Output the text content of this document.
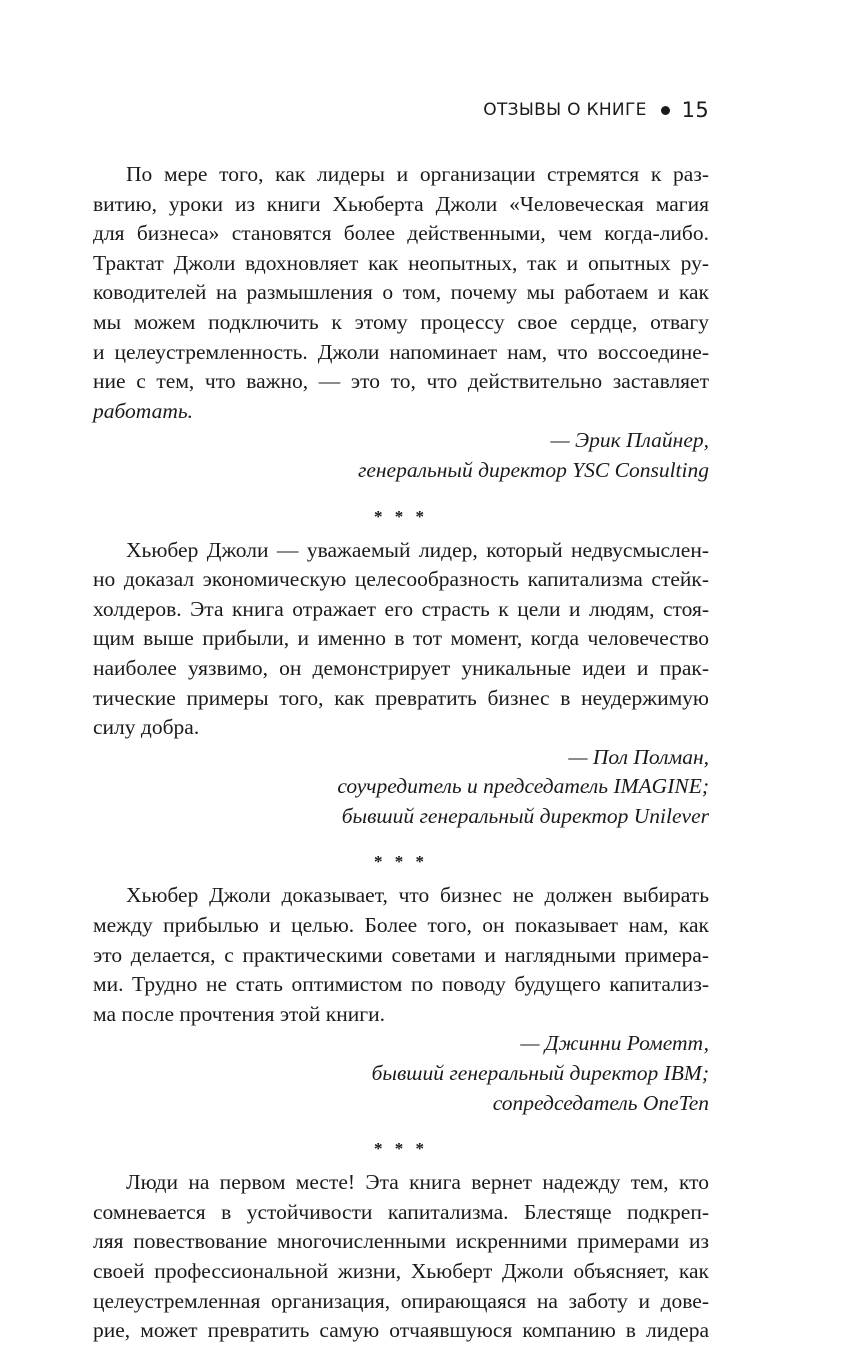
ОТЗЫВЫ О КНИГЕ 15
По мере того, как лидеры и организации стремятся к раз-
витию, уроки из книги Хьюберта Джоли «Человеческая магия
для бизнеса» становятся более действенными, чем когда-либо.
Трактат Джоли вдохновляет как неопытных, так и опытных ру-
ководителей на размышления о том, почему мы работаем и как
мы можем подключить к этому процессу свое сердце, отвагу
и целеустремленность. Джоли напоминает нам, что воссоедине-
ние с тем, что важно, — это то, что действительно заставляет
работать.
— Эрик Плайнер,
генеральный директор YSC Consulting
* * *
Хьюбер Джоли — уважаемый лидер, который недвусмыслен-
но доказал экономическую целесообразность капитализма стейк-
холдеров. Эта книга отражает его страсть к цели и людям, стоя-
щим выше прибыли, и именно в тот момент, когда человечество
наиболее уязвимо, он демонстрирует уникальные идеи и прак-
тические примеры того, как превратить бизнес в неудержимую
силу добра.
— Пол Полман,
соучредитель и председатель IMAGINE;
бывший генеральный директор Unilever
* * *
Хьюбер Джоли доказывает, что бизнес не должен выбирать
между прибылью и целью. Более того, он показывает нам, как
это делается, с практическими советами и наглядными примера-
ми. Трудно не стать оптимистом по поводу будущего капитализ-
ма после прочтения этой книги.
— Джинни Рометт,
бывший генеральный директор IBM;
сопредседатель OneTen
* * *
Люди на первом месте! Эта книга вернет надежду тем, кто
сомневается в устойчивости капитализма. Блестяще подкреп-
ляя повествование многочисленными искренними примерами из
своей профессиональной жизни, Хьюберт Джоли объясняет, как
целеустремленная организация, опирающаяся на заботу и дове-
рие, может превратить самую отчаявшуюся компанию в лидера
